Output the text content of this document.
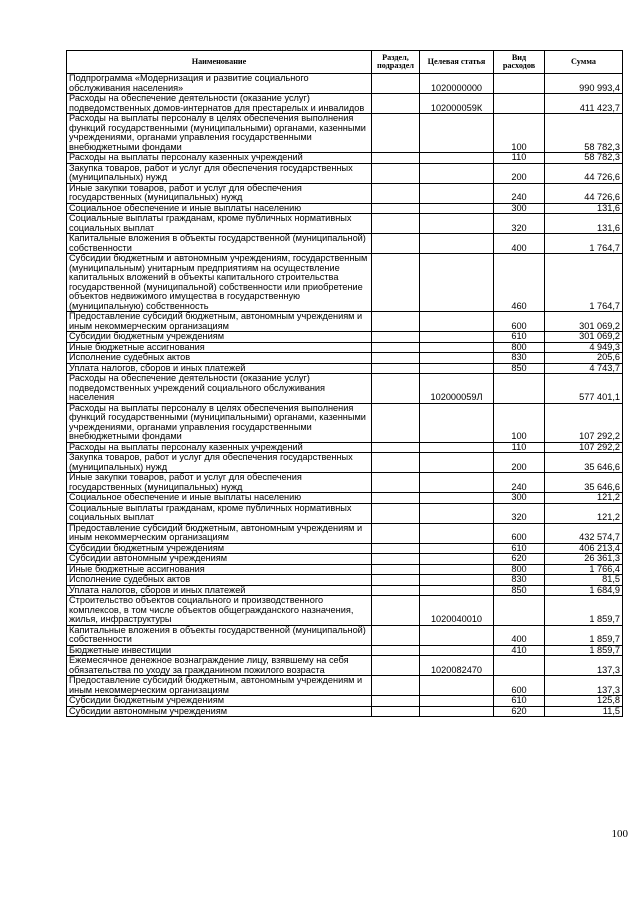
Наименование	Раздел, подраздел	Целевая статья	Вид расходов	Сумма
Подпрограмма «Модернизация и развитие социального обслуживания населения»		1020000000		990 993,4
Расходы на обеспечение деятельности (оказание услуг) подведомственных домов-интернатов для престарелых и инвалидов		102000059К		411 423,7
Расходы на выплаты персоналу в целях обеспечения выполнения функций государственными (муниципальными) органами, казенными учреждениями, органами управления государственными внебюджетными фондами			100	58 782,3
Расходы на выплаты персоналу казенных учреждений			110	58 782,3
Закупка товаров, работ и услуг для обеспечения государственных (муниципальных) нужд			200	44 726,6
Иные закупки товаров, работ и услуг для обеспечения государственных (муниципальных) нужд			240	44 726,6
Социальное обеспечение и иные выплаты населению			300	131,6
Социальные выплаты гражданам, кроме публичных нормативных социальных выплат			320	131,6
Капитальные вложения в объекты государственной (муниципальной) собственности			400	1 764,7
Субсидии бюджетным и автономным учреждениям, государственным (муниципальным) унитарным предприятиям на осуществление капитальных вложений в объекты капитального строительства государственной (муниципальной) собственности или приобретение объектов недвижимого имущества в государственную (муниципальную) собственность			460	1 764,7
Предоставление субсидий бюджетным, автономным учреждениям и иным некоммерческим организациям			600	301 069,2
Субсидии бюджетным учреждениям			610	301 069,2
Иные бюджетные ассигнования			800	4 949,3
Исполнение судебных актов			830	205,6
Уплата налогов, сборов и иных платежей			850	4 743,7
Расходы на обеспечение деятельности (оказание услуг) подведомственных учреждений социального обслуживания населения		102000059Л		577 401,1
Расходы на выплаты персоналу в целях обеспечения выполнения функций государственными (муниципальными) органами, казенными учреждениями, органами управления государственными внебюджетными фондами			100	107 292,2
Расходы на выплаты персоналу казенных учреждений			110	107 292,2
Закупка товаров, работ и услуг для обеспечения государственных (муниципальных) нужд			200	35 646,6
Иные закупки товаров, работ и услуг для обеспечения государственных (муниципальных) нужд			240	35 646,6
Социальное обеспечение и иные выплаты населению			300	121,2
Социальные выплаты гражданам, кроме публичных нормативных социальных выплат			320	121,2
Предоставление субсидий бюджетным, автономным учреждениям и иным некоммерческим организациям			600	432 574,7
Субсидии бюджетным учреждениям			610	406 213,4
Субсидии автономным учреждениям			620	26 361,3
Иные бюджетные ассигнования			800	1 766,4
Исполнение судебных актов			830	81,5
Уплата налогов, сборов и иных платежей			850	1 684,9
Строительство объектов социального и производственного комплексов, в том числе объектов общегражданского назначения, жилья, инфраструктуры		1020040010		1 859,7
Капитальные вложения в объекты государственной (муниципальной) собственности			400	1 859,7
Бюджетные инвестиции			410	1 859,7
Ежемесячное денежное вознаграждение лицу, взявшему на себя обязательства по уходу за гражданином пожилого возраста		1020082470		137,3
Предоставление субсидий бюджетным, автономным учреждениям и иным некоммерческим организациям			600	137,3
Субсидии бюджетным учреждениям			610	125,8
Субсидии автономным учреждениям			620	11,5
100
